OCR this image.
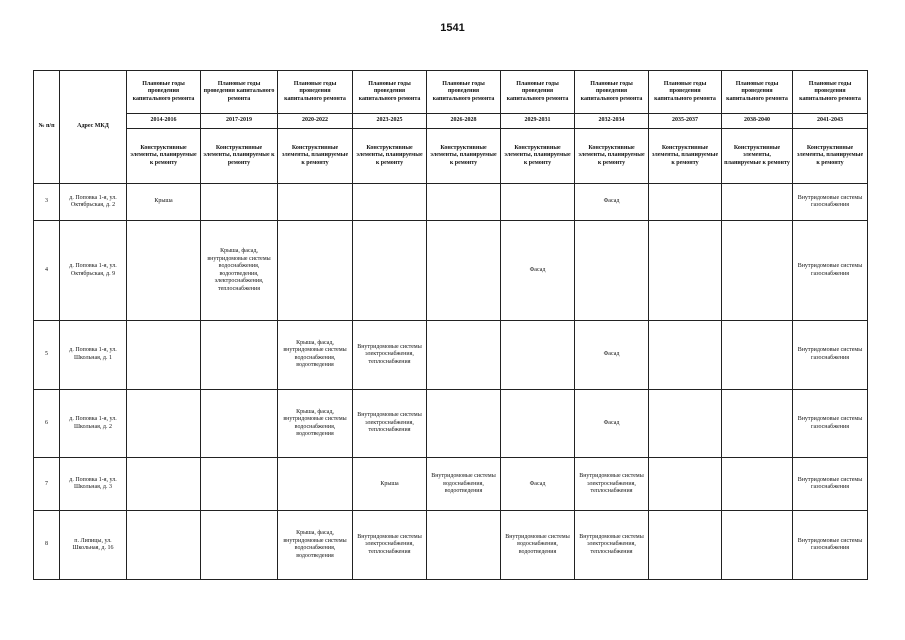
1541
№ п/п	Адрес МКД	Плановые годы проведения капитального ремонта	Плановые годы проведения капитального ремонта	Плановые годы проведения капитального ремонта	Плановые годы проведения капитального ремонта	Плановые годы проведения капитального ремонта	Плановые годы проведения капитального ремонта	Плановые годы проведения капитального ремонта	Плановые годы проведения капитального ремонта	Плановые годы проведения капитального ремонта	Плановые годы проведения капитального ремонта
		2014-2016	2017-2019	2020-2022	2023-2025	2026-2028	2029-2031	2032-2034	2035-2037	2038-2040	2041-2043
		Конструктивные элементы, планируемые к ремонту	Конструктивные элементы, планируемые к ремонту	Конструктивные элементы, планируемые к ремонту	Конструктивные элементы, планируемые к ремонту	Конструктивные элементы, планируемые к ремонту	Конструктивные элементы, планируемые к ремонту	Конструктивные элементы, планируемые к ремонту	Конструктивные элементы, планируемые к ремонту	Конструктивные элементы, планируемые к ремонту	Конструктивные элементы, планируемые к ремонту
3	д. Поповка 1-я, ул. Октябрьская, д. 2	Крыша						Фасад			Внутридомовые системы газоснабжения
4	д. Поповка 1-я, ул. Октябрьская, д. 9		Крыша, фасад, внутридомовые системы водоснабжения, водоотведения, электроснабжения, теплоснабжения				Фасад				Внутридомовые системы газоснабжения
5	д. Поповка 1-я, ул. Школьная, д. 1			Крыша, фасад, внутридомовые системы водоснабжения, водоотведения	Внутридомовые системы электроснабжения, теплоснабжения			Фасад			Внутридомовые системы газоснабжения
6	д. Поповка 1-я, ул. Школьная, д. 2			Крыша, фасад, внутридомовые системы водоснабжения, водоотведения	Внутридомовые системы электроснабжения, теплоснабжения			Фасад			Внутридомовые системы газоснабжения
7	д. Поповка 1-я, ул. Школьная, д. 3				Крыша	Внутридомовые системы водоснабжения, водоотведения	Фасад	Внутридомовые системы электроснабжения, теплоснабжения			Внутридомовые системы газоснабжения
8	п. Липицы, ул. Школьная, д. 16			Крыша, фасад, внутридомовые системы водоснабжения, водоотведения	Внутридомовые системы электроснабжения, теплоснабжения		Внутридомовые системы водоснабжения, водоотведения	Внутридомовые системы электроснабжения, теплоснабжения			Внутридомовые системы газоснабжения
